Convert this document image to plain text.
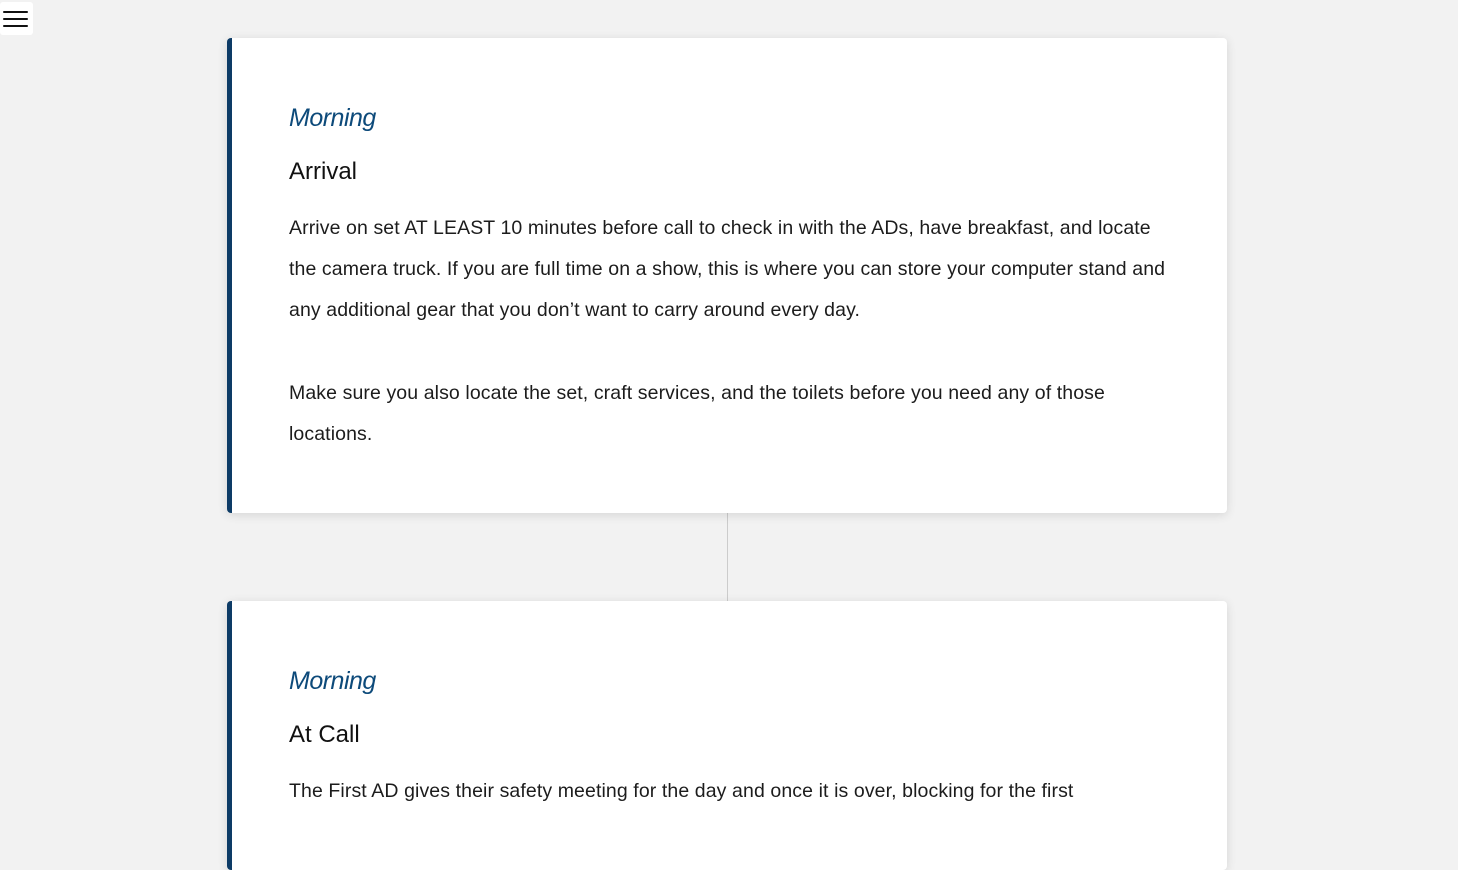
Morning
Arrival

Arrive on set AT LEAST 10 minutes before call to check in with the ADs, have breakfast, and locate the camera truck. If you are full time on a show, this is where you can store your computer stand and any additional gear that you don’t want to carry around every day.

Make sure you also locate the set, craft services, and the toilets before you need any of those locations.

Morning
At Call

The First AD gives their safety meeting for the day and once it is over, blocking for the first
